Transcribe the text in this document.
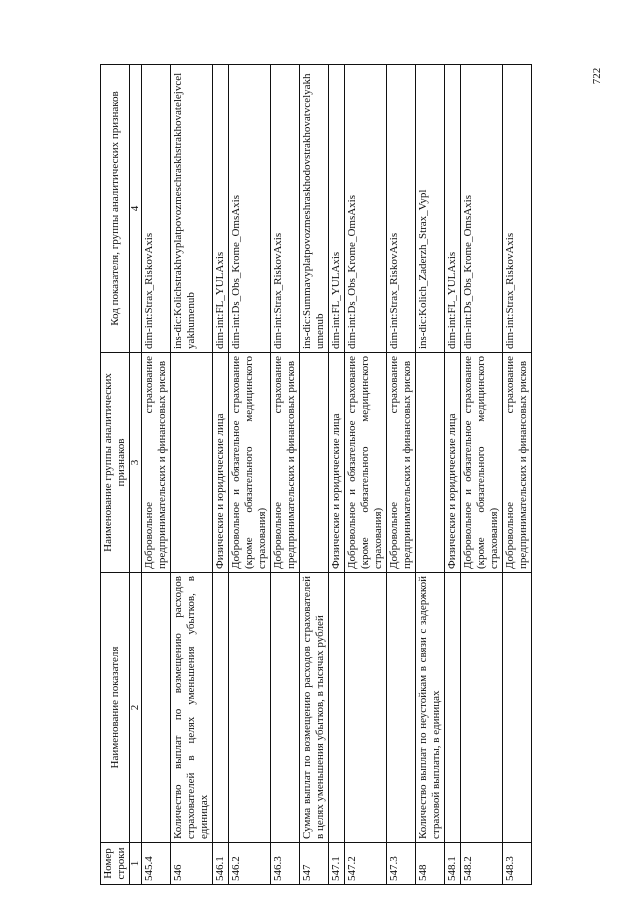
722
Номер строки	Наименование показателя	Наименование группы аналитических признаков	Код показателя, группы аналитических признаков
1	2	3	4
545.4		Добровольное страхование предпринимательских и финансовых рисков	dim-int:Strax_RiskovAxis
546	Количество выплат по возмещению расходов страхователей в целях уменьшения убытков, в единицах		ins-dic:Kolichstrakhvyplatpovozmeschraskhstrakhovatelejvcelyakhumenub
546.1		Физические и юридические лица	dim-int:FL_YULAxis
546.2		Добровольное и обязательное страхование (кроме обязательного медицинского страхования)	dim-int:Ds_Obs_Krome_OmsAxis
546.3		Добровольное страхование предпринимательских и финансовых рисков	dim-int:Strax_RiskovAxis
547	Сумма выплат по возмещению расходов страхователей в целях уменьшения убытков, в тысячах рублей		ins-dic:Summavyplatpovozmeshraskhodovstrakhovatvcelyakhumenub
547.1		Физические и юридические лица	dim-int:FL_YULAxis
547.2		Добровольное и обязательное страхование (кроме обязательного медицинского страхования)	dim-int:Ds_Obs_Krome_OmsAxis
547.3		Добровольное страхование предпринимательских и финансовых рисков	dim-int:Strax_RiskovAxis
548	Количество выплат по неустойкам в связи с задержкой страховой выплаты, в единицах		ins-dic:Kolich_Zaderzh_Strax_Vypl
548.1		Физические и юридические лица	dim-int:FL_YULAxis
548.2		Добровольное и обязательное страхование (кроме обязательного медицинского страхования)	dim-int:Ds_Obs_Krome_OmsAxis
548.3		Добровольное страхование предпринимательских и финансовых рисков	dim-int:Strax_RiskovAxis
